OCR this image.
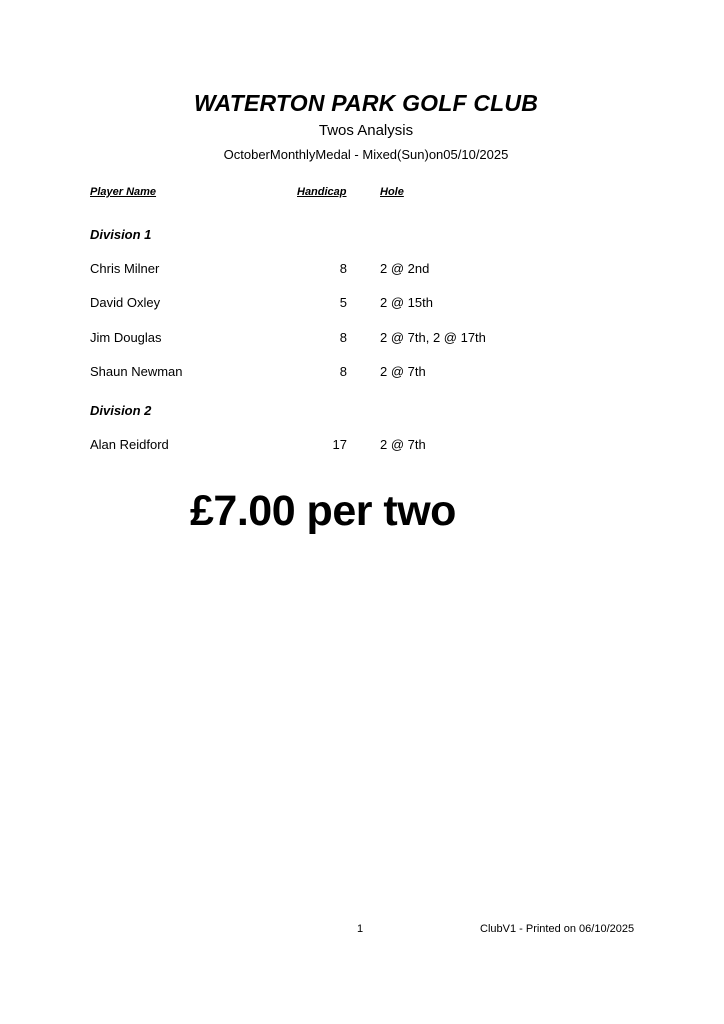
WATERTON PARK GOLF CLUB
Twos Analysis
OctoberMonthlyMedal - Mixed(Sun)on05/10/2025
Player Name	Handicap	Hole
Division 1
Chris Milner	8	2 @ 2nd
David Oxley	5	2 @ 15th
Jim Douglas	8	2 @ 7th, 2 @ 17th
Shaun Newman	8	2 @ 7th
Division 2
Alan Reidford	17	2 @ 7th
£7.00 per two
1	ClubV1 - Printed on 06/10/2025
